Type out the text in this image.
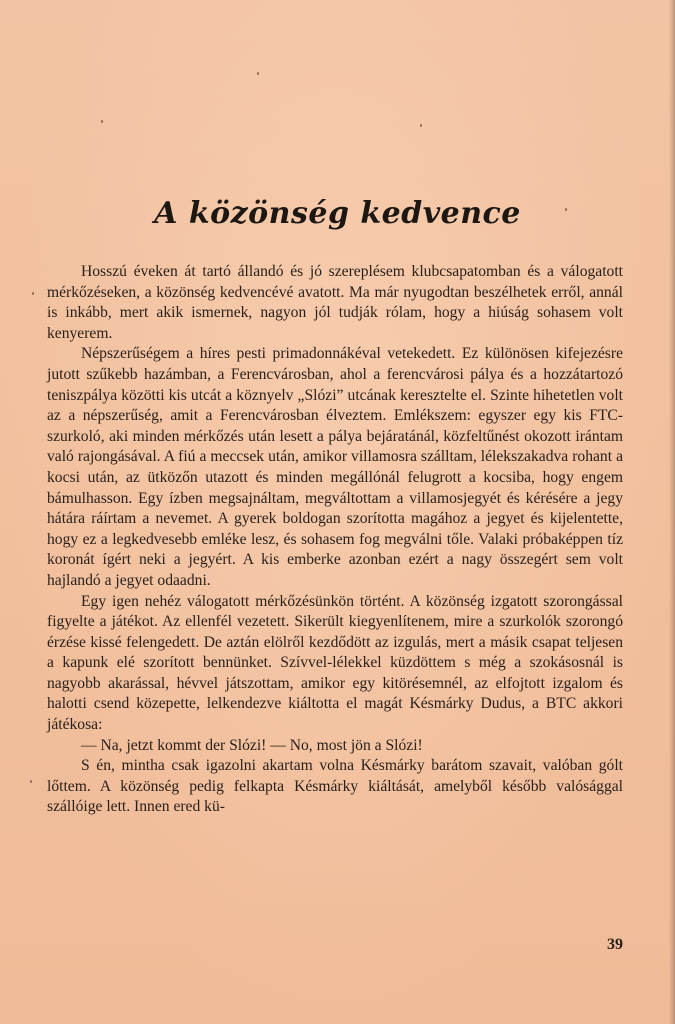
A közönség kedvence

Hosszú éveken át tartó állandó és jó szereplésem klubcsapatomban és a válogatott mérkőzéseken, a közönség kedvencévé avatott. Ma már nyugodtan beszélhetek erről, annál is inkább, mert akik ismernek, nagyon jól tudják rólam, hogy a hiúság sohasem volt kenyerem.

Népszerűségem a híres pesti primadonnákéval vetekedett. Ez különösen kifejezésre jutott szűkebb hazámban, a Ferencvárosban, ahol a ferencvárosi pálya és a hozzátartozó teniszpálya közötti kis utcát a köznyelv „Slózi” utcának keresztelte el. Szinte hihetetlen volt az a népszerűség, amit a Ferencvárosban élveztem. Emlékszem: egyszer egy kis FTC-szurkoló, aki minden mérkőzés után lesett a pálya bejáratánál, közfeltűnést okozott irántam való rajongásával. A fiú a meccsek után, amikor villamosra szálltam, lélekszakadva rohant a kocsi után, az ütközőn utazott és minden megállónál felugrott a kocsiba, hogy engem bámulhasson. Egy ízben megsajnáltam, megváltottam a villamosjegyét és kérésére a jegy hátára ráírtam a nevemet. A gyerek boldogan szorította magához a jegyet és kijelentette, hogy ez a legkedvesebb emléke lesz, és sohasem fog megválni tőle. Valaki próbaképpen tíz koronát ígért neki a jegyért. A kis emberke azonban ezért a nagy összegért sem volt hajlandó a jegyet odaadni.

Egy igen nehéz válogatott mérkőzésünkön történt. A közönség izgatott szorongással figyelte a játékot. Az ellenfél vezetett. Sikerült kiegyenlítenem, mire a szurkolók szorongó érzése kissé felengedett. De aztán elölről kezdődött az izgulás, mert a másik csapat teljesen a kapunk elé szorított bennünket. Szívvel-lélekkel küzdöttem s még a szokásosnál is nagyobb akarással, hévvel játszottam, amikor egy kitörésemnél, az elfojtott izgalom és halotti csend közepette, lelkendezve kiáltotta el magát Késmárky Dudus, a BTC akkori játékosa:

— Na, jetzt kommt der Slózi! — No, most jön a Slózi!

S én, mintha csak igazolni akartam volna Késmárky barátom szavait, valóban gólt lőttem. A közönség pedig felkapta Késmárky kiáltását, amelyből később valósággal szállóige lett. Innen ered kü-

39
